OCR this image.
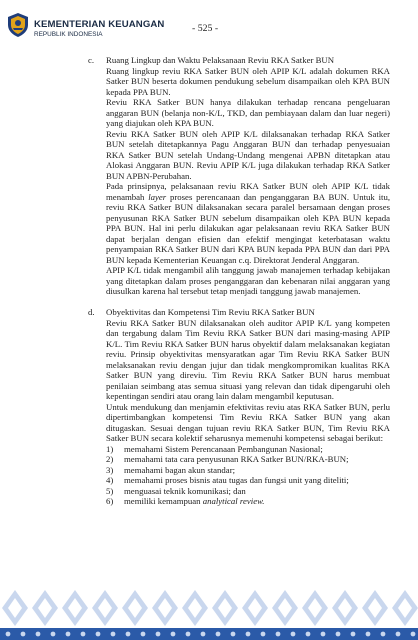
KEMENTERIAN KEUANGAN
REPUBLIK INDONESIA
- 525 -
c. Ruang Lingkup dan Waktu Pelaksanaan Reviu RKA Satker BUN

Ruang lingkup reviu RKA Satker BUN oleh APIP K/L adalah dokumen RKA Satker BUN beserta dokumen pendukung sebelum disampaikan oleh KPA BUN kepada PPA BUN.

Reviu RKA Satker BUN hanya dilakukan terhadap rencana pengeluaran anggaran BUN (belanja non-K/L, TKD, dan pembiayaan dalam dan luar negeri) yang diajukan oleh KPA BUN.

Reviu RKA Satker BUN oleh APIP K/L dilaksanakan terhadap RKA Satker BUN setelah ditetapkannya Pagu Anggaran BUN dan terhadap penyesuaian RKA Satker BUN setelah Undang-Undang mengenai APBN ditetapkan atau Alokasi Anggaran BUN. Reviu APIP K/L juga dilakukan terhadap RKA Satker BUN APBN-Perubahan.

Pada prinsipnya, pelaksanaan reviu RKA Satker BUN oleh APIP K/L tidak menambah layer proses perencanaan dan penganggaran BA BUN. Untuk itu, reviu RKA Satker BUN dilaksanakan secara paralel bersamaan dengan proses penyusunan RKA Satker BUN sebelum disampaikan oleh KPA BUN kepada PPA BUN. Hal ini perlu dilakukan agar pelaksanaan reviu RKA Satker BUN dapat berjalan dengan efisien dan efektif mengingat keterbatasan waktu penyampaian RKA Satker BUN dari KPA BUN kepada PPA BUN dan dari PPA BUN kepada Kementerian Keuangan c.q. Direktorat Jenderal Anggaran.

APIP K/L tidak mengambil alih tanggung jawab manajemen terhadap kebijakan yang ditetapkan dalam proses penganggaran dan kebenaran nilai anggaran yang diusulkan karena hal tersebut tetap menjadi tanggung jawab manajemen.

d. Obyektivitas dan Kompetensi Tim Reviu RKA Satker BUN

Reviu RKA Satker BUN dilaksanakan oleh auditor APIP K/L yang kompeten dan tergabung dalam Tim Reviu RKA Satker BUN dari masing-masing APIP K/L. Tim Reviu RKA Satker BUN harus obyektif dalam melaksanakan kegiatan reviu. Prinsip obyektivitas mensyaratkan agar Tim Reviu RKA Satker BUN melaksanakan reviu dengan jujur dan tidak mengkompromikan kualitas RKA Satker BUN yang direviu. Tim Reviu RKA Satker BUN harus membuat penilaian seimbang atas semua situasi yang relevan dan tidak dipengaruhi oleh kepentingan sendiri atau orang lain dalam mengambil keputusan.

Untuk mendukung dan menjamin efektivitas reviu atas RKA Satker BUN, perlu dipertimbangkan kompetensi Tim Reviu RKA Satker BUN yang akan ditugaskan. Sesuai dengan tujuan reviu RKA Satker BUN, Tim Reviu RKA Satker BUN secara kolektif seharusnya memenuhi kompetensi sebagai berikut:

1) memahami Sistem Perencanaan Pembangunan Nasional;
2) memahami tata cara penyusunan RKA Satker BUN/RKA-BUN;
3) memahami bagan akun standar;
4) memahami proses bisnis atau tugas dan fungsi unit yang diteliti;
5) menguasai teknik komunikasi; dan
6) memiliki kemampuan analytical review.
